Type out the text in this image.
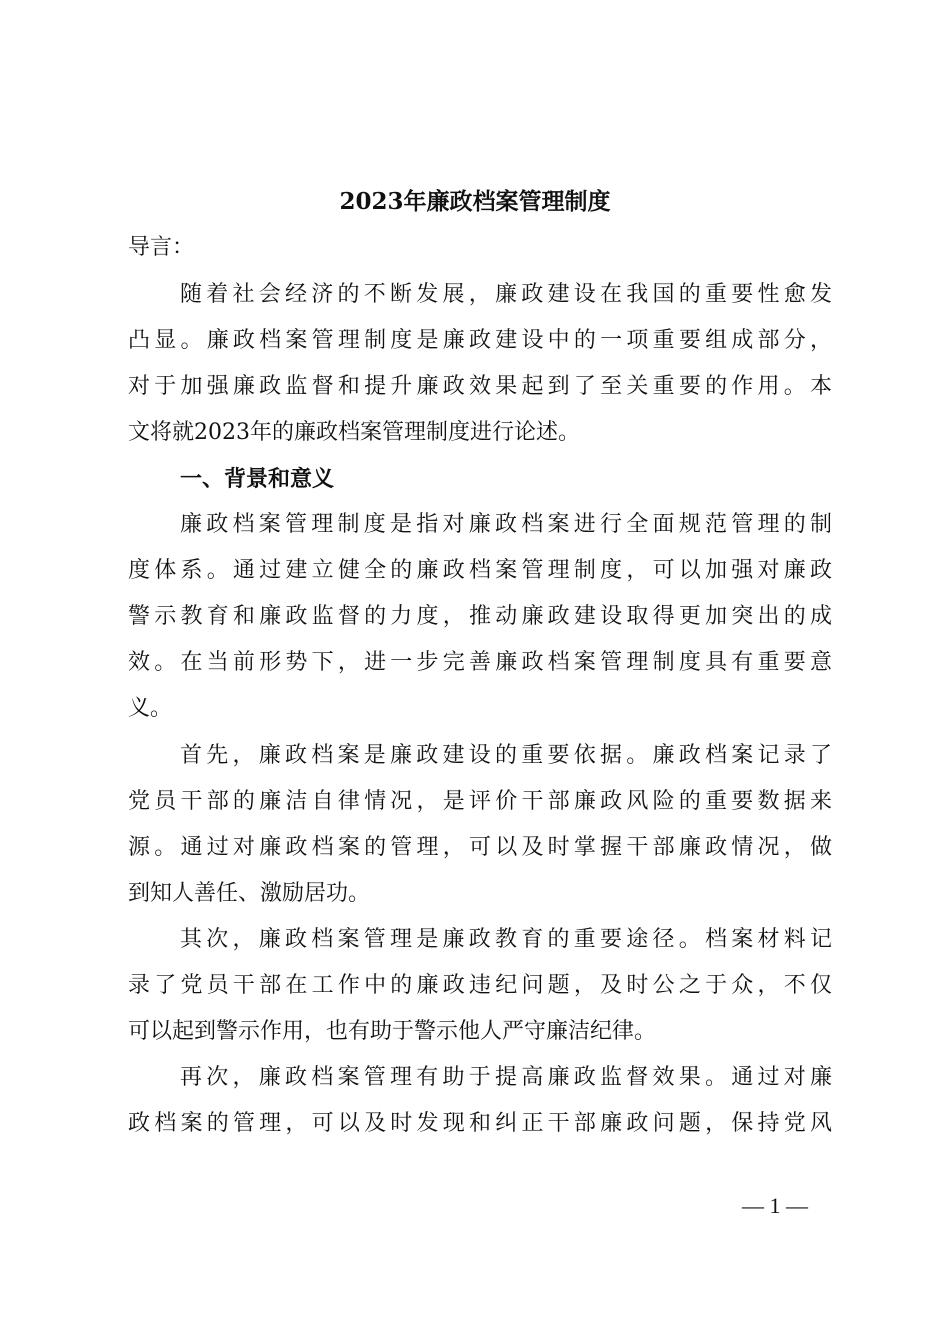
2023年廉政档案管理制度
导言：
随着社会经济的不断发展，廉政建设在我国的重要性愈发
凸显。廉政档案管理制度是廉政建设中的一项重要组成部分，
对于加强廉政监督和提升廉政效果起到了至关重要的作用。本
文将就2023年的廉政档案管理制度进行论述。
一、背景和意义
廉政档案管理制度是指对廉政档案进行全面规范管理的制
度体系。通过建立健全的廉政档案管理制度，可以加强对廉政
警示教育和廉政监督的力度，推动廉政建设取得更加突出的成
效。在当前形势下，进一步完善廉政档案管理制度具有重要意
义。
首先，廉政档案是廉政建设的重要依据。廉政档案记录了
党员干部的廉洁自律情况，是评价干部廉政风险的重要数据来
源。通过对廉政档案的管理，可以及时掌握干部廉政情况，做
到知人善任、激励居功。
其次，廉政档案管理是廉政教育的重要途径。档案材料记
录了党员干部在工作中的廉政违纪问题，及时公之于众，不仅
可以起到警示作用，也有助于警示他人严守廉洁纪律。
再次，廉政档案管理有助于提高廉政监督效果。通过对廉
政档案的管理，可以及时发现和纠正干部廉政问题，保持党风
— 1 —
